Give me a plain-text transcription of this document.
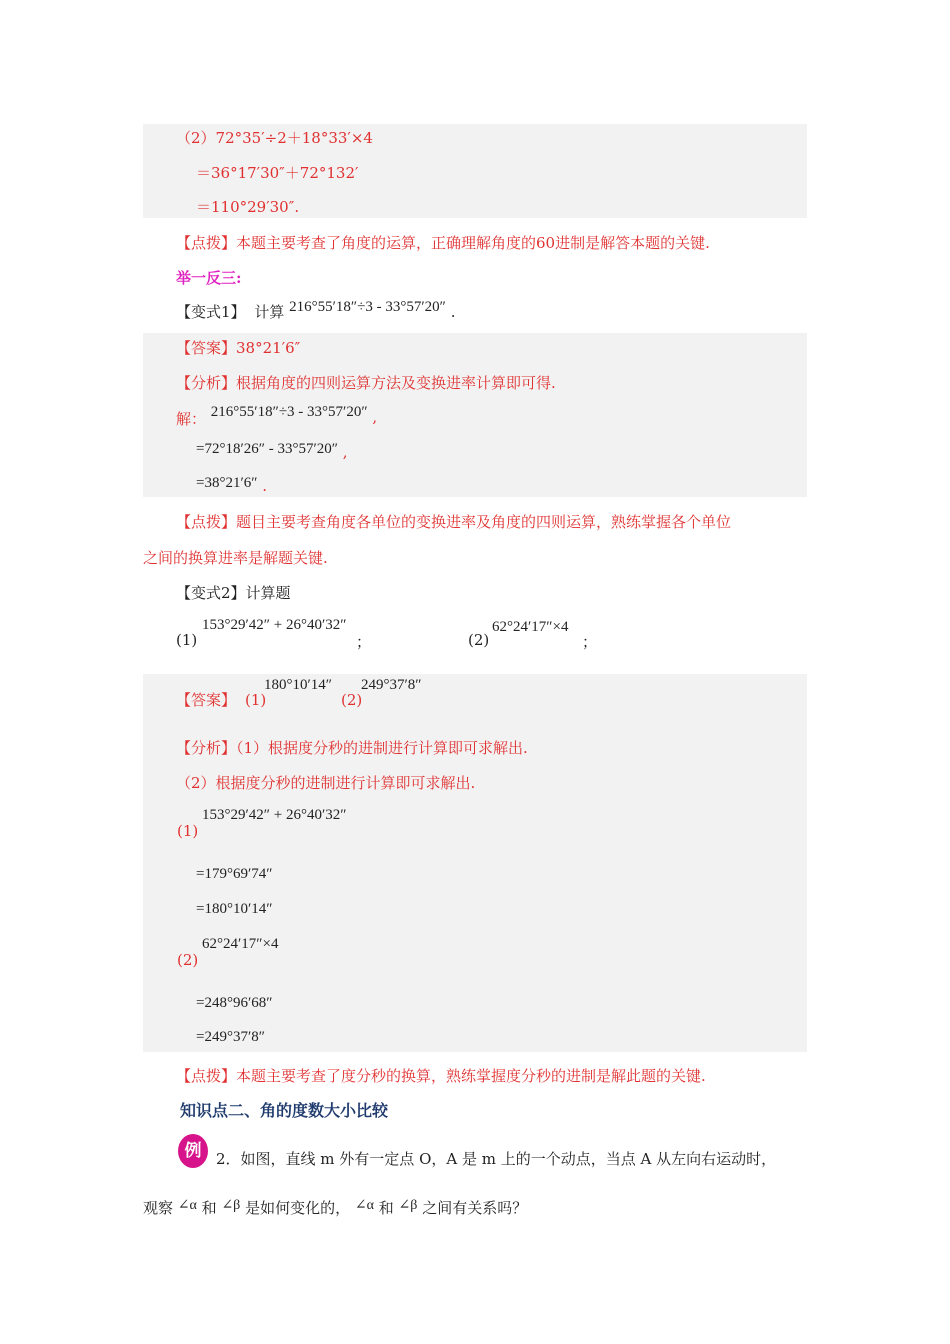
（2）72°35′÷2＋18°33′×4
＝36°17′30″＋72°132′
＝110°29′30″.
【点拨】本题主要考查了角度的运算，正确理解角度的60进制是解答本题的关键.
举一反三:
【变式1】 计算 216°55′18″÷3 - 33°57′20″ .
【答案】38°21′6″
【分析】根据角度的四则运算方法及变换进率计算即可得.
解： 216°55′18″÷3 - 33°57′20″ ,
=72°18′26″ - 33°57′20″ ,
=38°21′6″ .
【点拨】题目主要考查角度各单位的变换进率及角度的四则运算，熟练掌握各个单位
之间的换算进率是解题关键.
【变式2】计算题
(1)
153°29′42″ + 26°40′32″
；	(2)
62°24′17″×4
；
【答案】 (1)
180°10′14″
(2)
249°37′8″
【分析】（1）根据度分秒的进制进行计算即可求解出.
（2）根据度分秒的进制进行计算即可求解出.
153°29′42″ + 26°40′32″
(1)
=179°69′74″
=180°10′14″
62°24′17″×4
(2)
=248°96′68″
=249°37′8″
【点拨】本题主要考查了度分秒的换算，熟练掌握度分秒的进制是解此题的关键.
知识点二、角的度数大小比较
例 2．如图，直线 m 外有一定点 O，A 是 m 上的一个动点，当点 A 从左向右运动时，
观察 ∠α 和 ∠β 是如何变化的， ∠α 和 ∠β 之间有关系吗？
